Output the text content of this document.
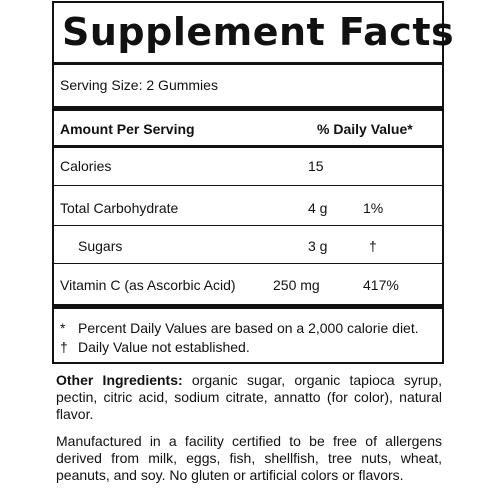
Supplement Facts
Serving Size: 2 Gummies
Amount Per Serving	% Daily Value*
Calories	15
Total Carbohydrate	4 g	1%
Sugars	3 g	†
Vitamin C (as Ascorbic Acid)	250 mg	417%
* Percent Daily Values are based on a 2,000 calorie diet.
† Daily Value not established.
Other Ingredients: organic sugar, organic tapioca syrup, pectin, citric acid, sodium citrate, annatto (for color), natural flavor.
Manufactured in a facility certified to be free of allergens derived from milk, eggs, fish, shellfish, tree nuts, wheat, peanuts, and soy. No gluten or artificial colors or flavors.
